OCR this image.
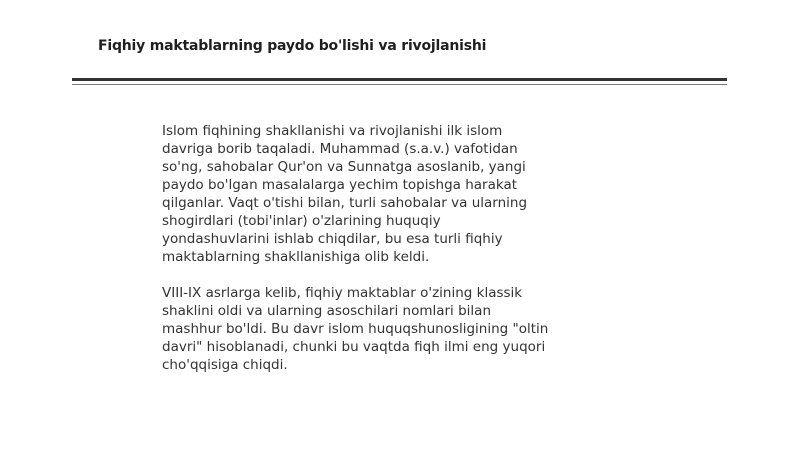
Fiqhiy maktablarning paydo bo'lishi va rivojlanishi

Islom fiqhining shakllanishi va rivojlanishi ilk islom davriga borib taqaladi. Muhammad (s.a.v.) vafotidan so'ng, sahobalar Qur'on va Sunnatga asoslanib, yangi paydo bo'lgan masalalarga yechim topishga harakat qilganlar. Vaqt o'tishi bilan, turli sahobalar va ularning shogirdlari (tobi'inlar) o'zlarining huquqiy yondashuvlarini ishlab chiqdilar, bu esa turli fiqhiy maktablarning shakllanishiga olib keldi.

VIII-IX asrlarga kelib, fiqhiy maktablar o'zining klassik shaklini oldi va ularning asoschilari nomlari bilan mashhur bo'ldi. Bu davr islom huquqshunosligining "oltin davri" hisoblanadi, chunki bu vaqtda fiqh ilmi eng yuqori cho'qqisiga chiqdi.
